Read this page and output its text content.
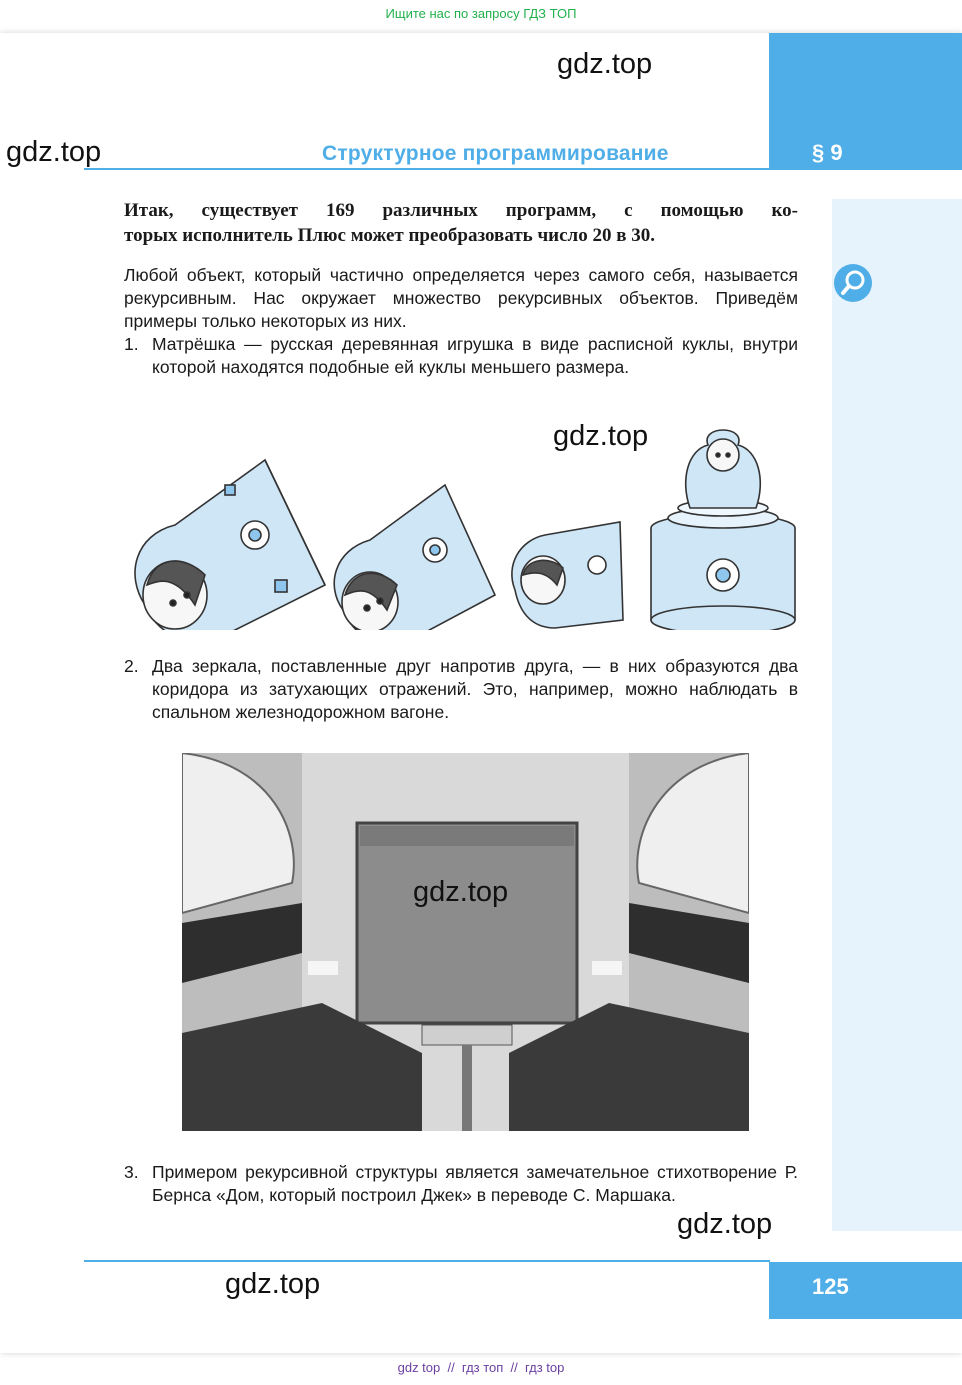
Ищите нас по запросу ГДЗ ТОП
§ 9
Структурное программирование
gdz.top
gdz.top
Итак, существует 169 различных программ, с помощью ко-
торых исполнитель Плюс может преобразовать число 20 в 30.
Любой объект, который частично определяется через самого себя, называется рекурсивным. Нас окружает множество рекурсивных объектов. Приведём примеры только некоторых из них.
1. Матрёшка — русская деревянная игрушка в виде расписной куклы, внутри которой находятся подобные ей куклы меньшего размера.
gdz.top
2. Два зеркала, поставленные друг напротив друга, — в них образуются два коридора из затухающих отражений. Это, например, можно наблюдать в спальном железнодорожном вагоне.
gdz.top
3. Примером рекурсивной структуры является замечательное стихотворение Р. Бернса «Дом, который построил Джек» в переводе С. Маршака.
gdz.top
125
gdz.top
gdz top  //  гдз топ  //  гдз top
